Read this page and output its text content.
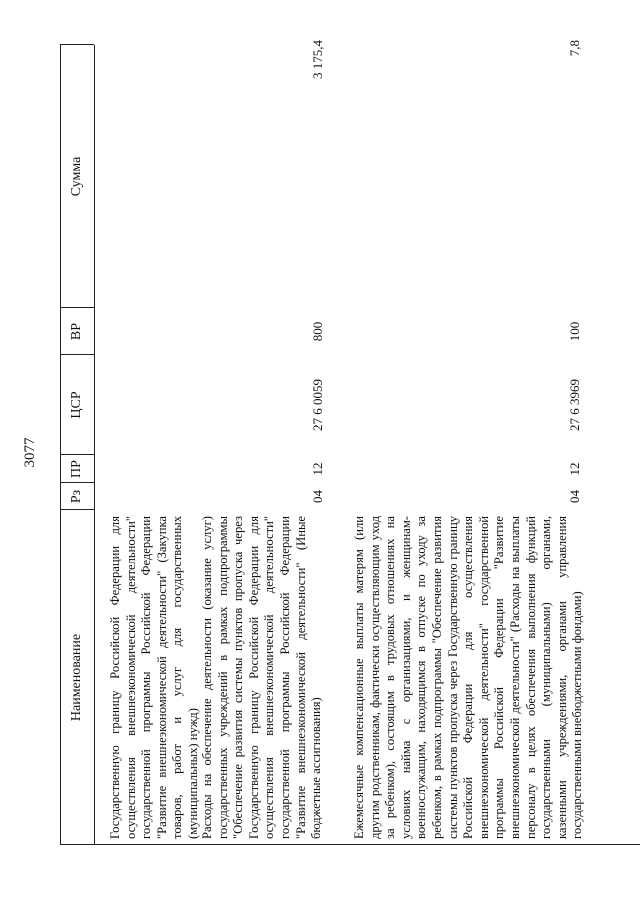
3077
Наименование
Рз
ПР
ЦСР
ВР
Сумма

Государственную границу Российской Федерации для осуществления внешнеэкономической деятельности" государственной программы Российской Федерации "Развитие внешнеэкономической деятельности" (Закупка товаров, работ и услуг для государственных (муниципальных) нужд) Расходы на обеспечение деятельности (оказание услуг) государственных учреждений в рамках подпрограммы "Обеспечение развития системы пунктов пропуска через Государственную границу Российской Федерации для осуществления внешнеэкономической деятельности" государственной программы Российской Федерации "Развитие внешнеэкономической деятельности" (Иные бюджетные ассигнования)

04
12
27 6 0059
800
3 175,4

Ежемесячные компенсационные выплаты матерям (или другим родственникам, фактически осуществляющим уход за ребенком), состоящим в трудовых отношениях на условиях найма с организациями, и женщинам-военнослужащим, находящимся в отпуске по уходу за ребенком, в рамках подпрограммы "Обеспечение развития системы пунктов пропуска через Государственную границу Российской Федерации для осуществления внешнеэкономической деятельности" государственной программы Российской Федерации "Развитие внешнеэкономической деятельности" (Расходы на выплаты персоналу в целях обеспечения выполнения функций государственными (муниципальными) органами, казенными учреждениями, органами управления государственными внебюджетными фондами)

04
12
27 6 3969
100
7,8
